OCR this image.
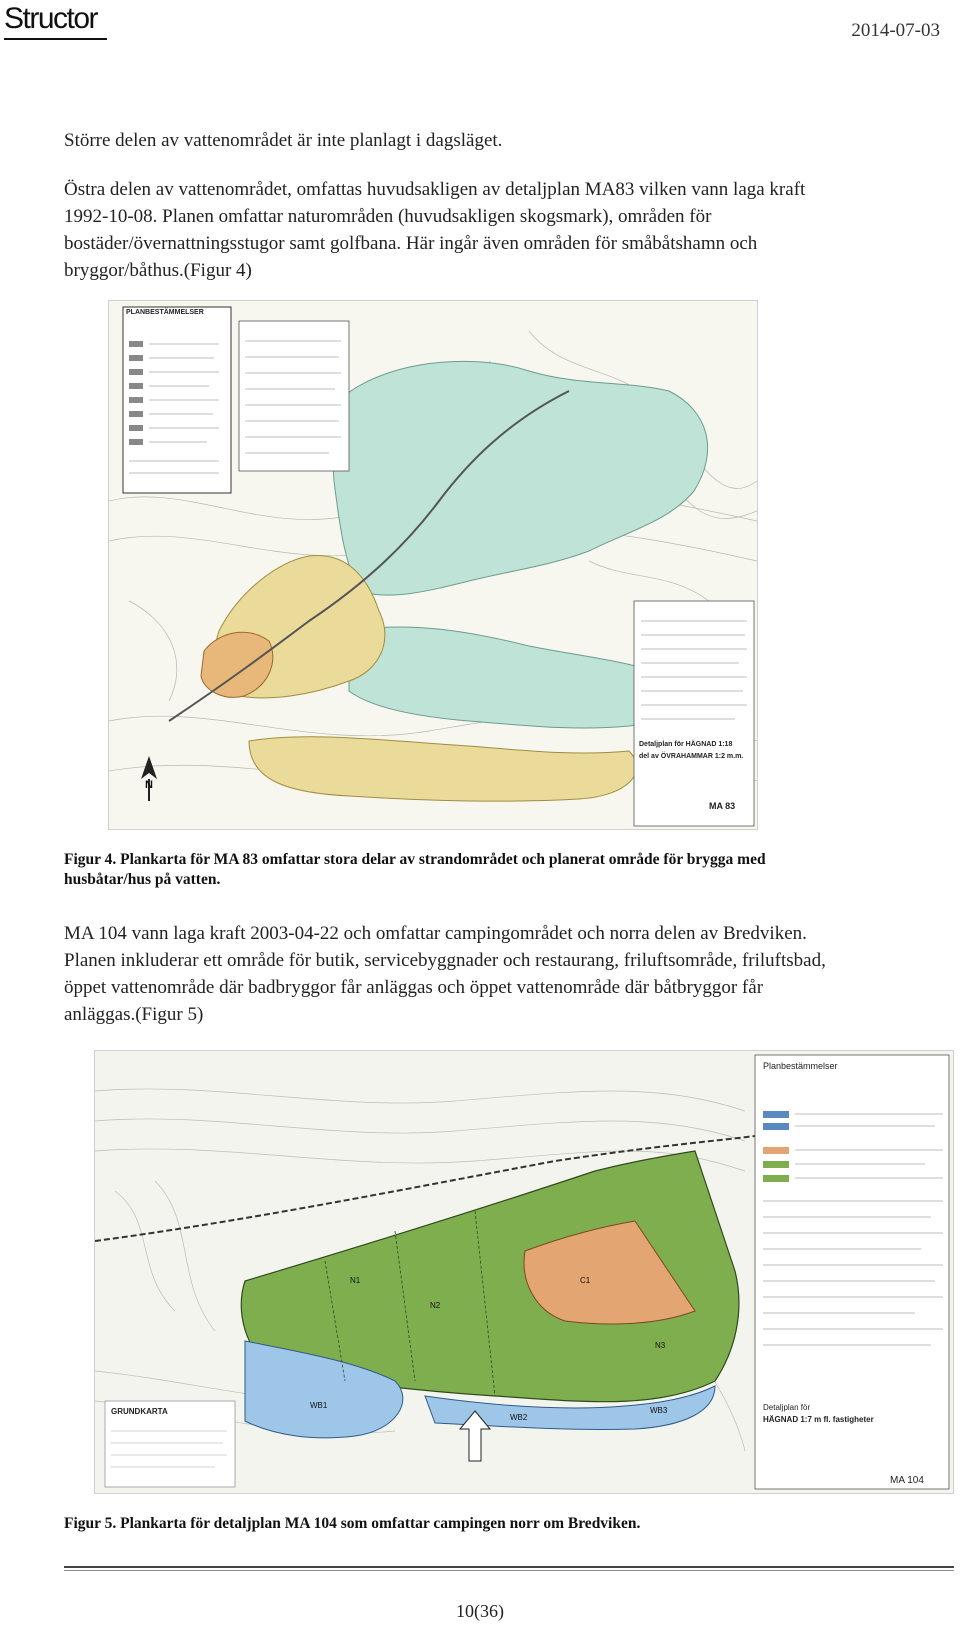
Structor	2014-07-03

Större delen av vattenområdet är inte planlagt i dagsläget.

Östra delen av vattenområdet, omfattas huvudsakligen av detaljplan MA83 vilken vann laga kraft

1992-10-08. Planen omfattar naturområden (huvudsakligen skogsmark), områden för

bostäder/övernattningsstugor samt golfbana. Här ingår även områden för småbåtshamn och

bryggor/båthus.(Figur 4)

PLANBESTÄMMELSER
N
Detaljplan för HÄGNAD 1:18
del av ÖVRAHAMMAR 1:2 m.m.
MA 83

Figur 4. Plankarta för MA 83 omfattar stora delar av strandområdet och planerat område för brygga med

husbåtar/hus på vatten.

MA 104 vann laga kraft 2003-04-22 och omfattar campingområdet och norra delen av Bredviken.

Planen inkluderar ett område för butik, servicebyggnader och restaurang, friluftsområde, friluftsbad,

öppet vattenområde där badbryggor får anläggas och öppet vattenområde där båtbryggor får

anläggas.(Figur 5)

Planbestämmelser
GRUNDKARTA	Detaljplan för
HÄGNAD 1:7 m fl. fastigheter
MA 104
N1
N2
N3
C1
WB1
WB2
WB3

Figur 5. Plankarta för detaljplan MA 104 som omfattar campingen norr om Bredviken.

10(36)
